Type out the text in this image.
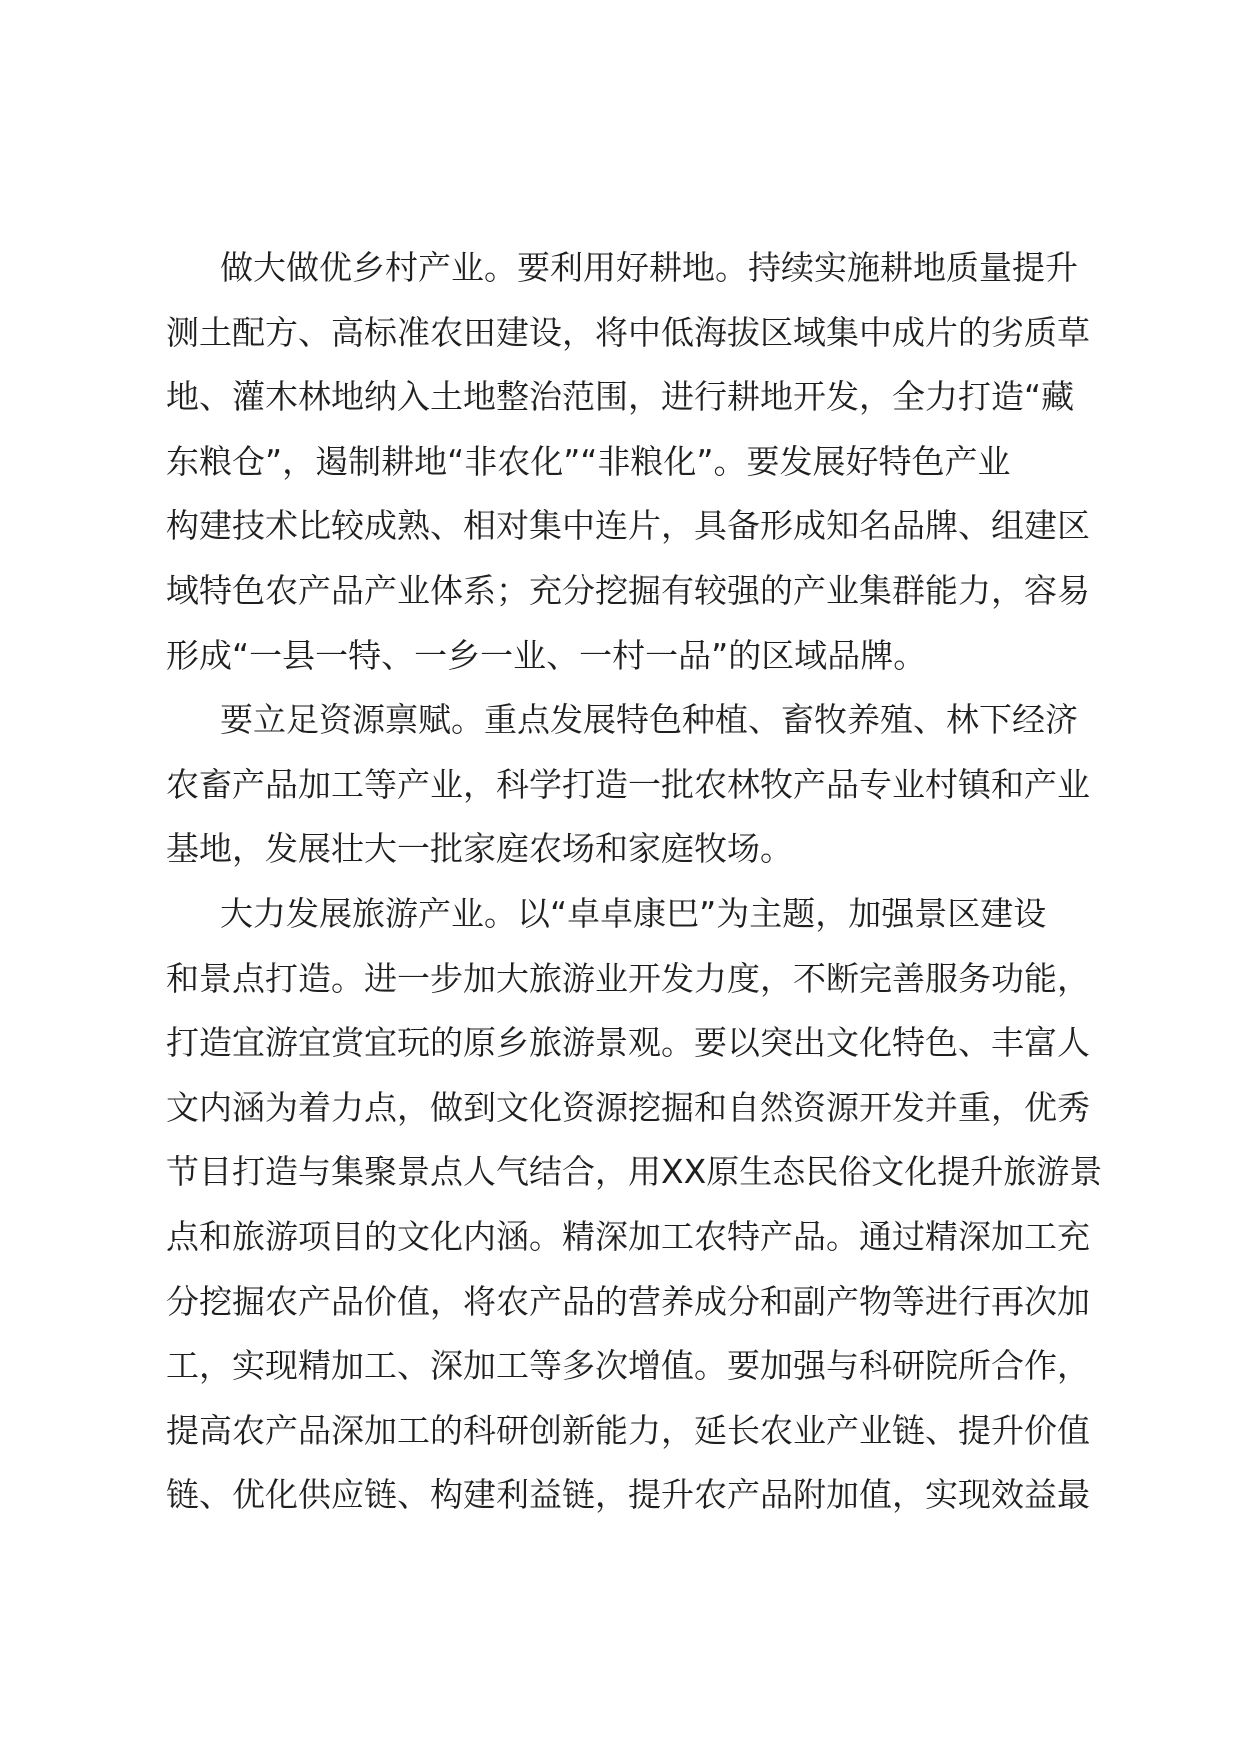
做大做优乡村产业。要利用好耕地。持续实施耕地质量提升
测土配方、高标准农田建设，将中低海拔区域集中成片的劣质草
地、灌木林地纳入土地整治范围，进行耕地开发，全力打造“藏
东粮仓”，遏制耕地“非农化”“非粮化”。要发展好特色产业
构建技术比较成熟、相对集中连片，具备形成知名品牌、组建区
域特色农产品产业体系；充分挖掘有较强的产业集群能力，容易
形成“一县一特、一乡一业、一村一品”的区域品牌。
要立足资源禀赋。重点发展特色种植、畜牧养殖、林下经济
农畜产品加工等产业，科学打造一批农林牧产品专业村镇和产业
基地，发展壮大一批家庭农场和家庭牧场。
大力发展旅游产业。以“卓卓康巴”为主题，加强景区建设
和景点打造。进一步加大旅游业开发力度，不断完善服务功能，
打造宜游宜赏宜玩的原乡旅游景观。要以突出文化特色、丰富人
文内涵为着力点，做到文化资源挖掘和自然资源开发并重，优秀
节目打造与集聚景点人气结合，用XX原生态民俗文化提升旅游景
点和旅游项目的文化内涵。精深加工农特产品。通过精深加工充
分挖掘农产品价值，将农产品的营养成分和副产物等进行再次加
工，实现精加工、深加工等多次增值。要加强与科研院所合作，
提高农产品深加工的科研创新能力，延长农业产业链、提升价值
链、优化供应链、构建利益链，提升农产品附加值，实现效益最
